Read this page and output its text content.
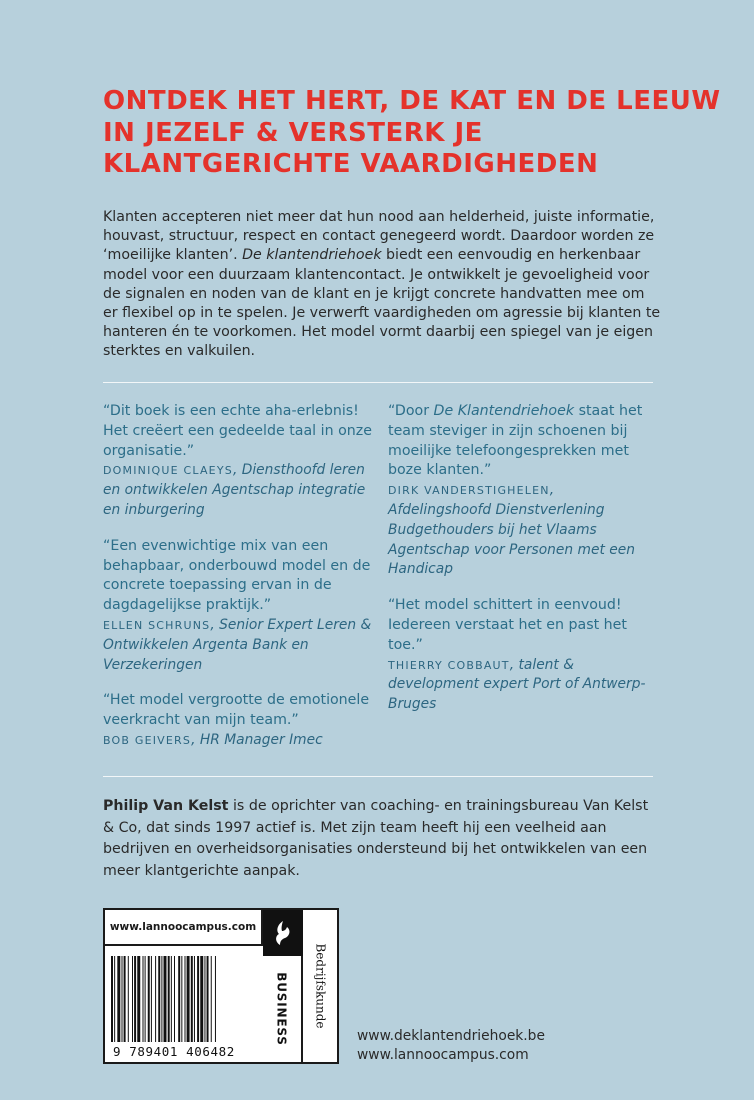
ONTDEK HET HERT, DE KAT EN DE LEEUW
IN JEZELF & VERSTERK JE
KLANTGERICHTE VAARDIGHEDEN
Klanten accepteren niet meer dat hun nood aan helderheid, juiste informatie, houvast, structuur, respect en contact genegeerd wordt. Daardoor worden ze ‘moeilijke klanten’. De klantendriehoek biedt een eenvoudig en herkenbaar model voor een duurzaam klantencontact. Je ontwikkelt je gevoeligheid voor de signalen en noden van de klant en je krijgt concrete handvatten mee om er flexibel op in te spelen. Je verwerft vaardigheden om agressie bij klanten te hanteren én te voorkomen. Het model vormt daarbij een spiegel van je eigen sterktes en valkuilen.
“Dit boek is een echte aha-erlebnis! Het creëert een gedeelde taal in onze organisatie.”
DOMINIQUE CLAEYS, Diensthoofd leren en ontwikkelen Agentschap integratie en inburgering
“Een evenwichtige mix van een behapbaar, onderbouwd model en de concrete toepassing ervan in de dagdagelijkse praktijk.”
ELLEN SCHRUNS, Senior Expert Leren & Ontwikkelen Argenta Bank en Verzekeringen
“Het model vergrootte de emotionele veerkracht van mijn team.”
BOB GEIVERS, HR Manager Imec
“Door De Klantendriehoek staat het team steviger in zijn schoenen bij moeilijke telefoongesprekken met boze klanten.”
DIRK VANDERSTIGHELEN,
Afdelingshoofd Dienstverlening Budgethouders bij het Vlaams Agentschap voor Personen met een Handicap
“Het model schittert in eenvoud! Iedereen verstaat het en past het toe.”
THIERRY COBBAUT, talent & development expert Port of Antwerp-Bruges
Philip Van Kelst is de oprichter van coaching- en trainingsbureau Van Kelst & Co, dat sinds 1997 actief is. Met zijn team heeft hij een veelheid aan bedrijven en overheidsorganisaties ondersteund bij het ontwikkelen van een meer klantgerichte aanpak.
www.lannoocampus.com
9 789401 406482
BUSINESS Bedrijfskunde
www.deklantendriehoek.be
www.lannoocampus.com
